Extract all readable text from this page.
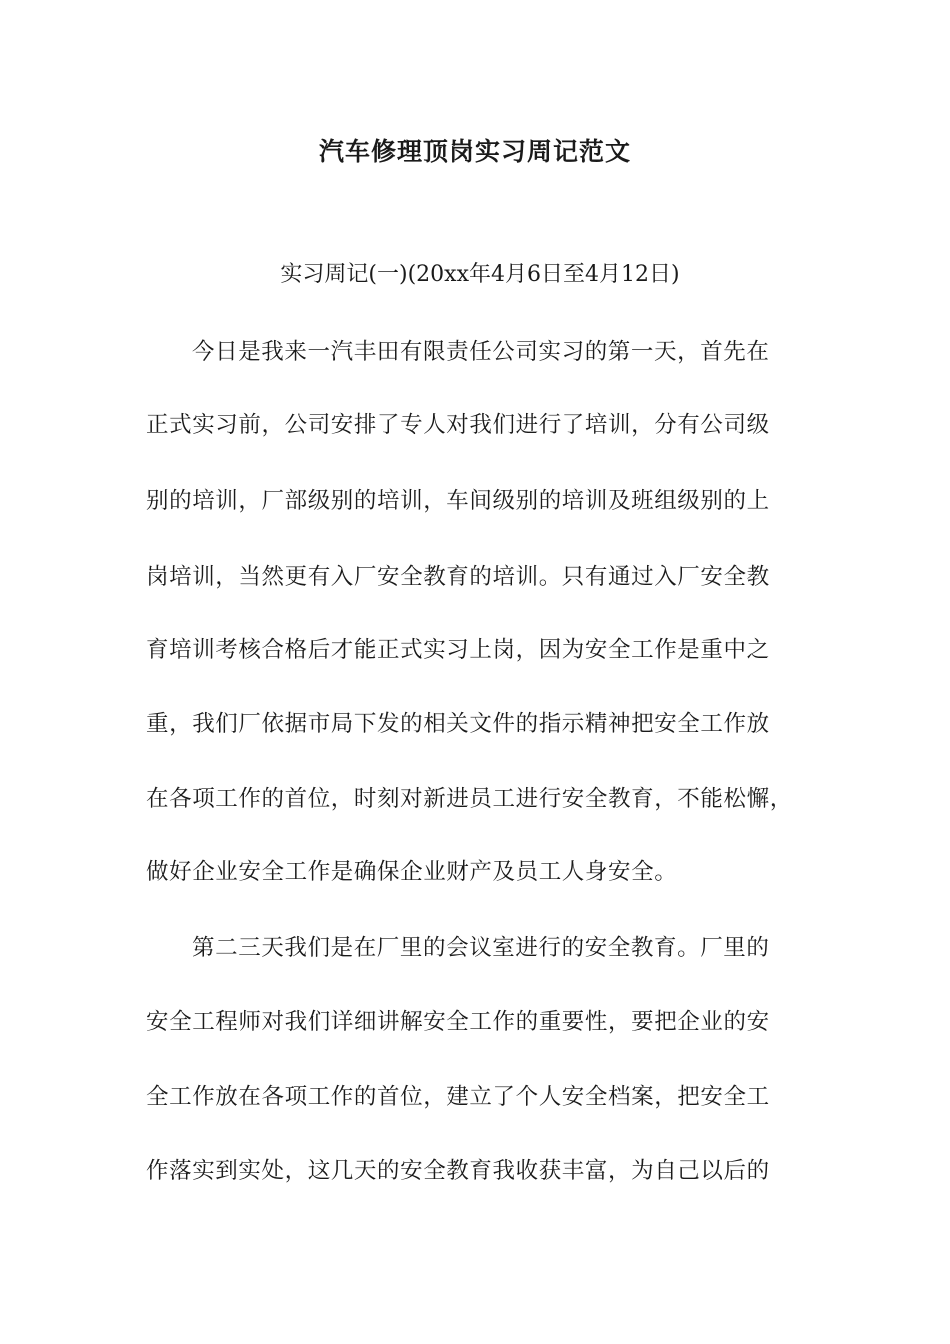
汽车修理顶岗实习周记范文
实习周记(一)(20xx年4月6日至4月12日)
今日是我来一汽丰田有限责任公司实习的第一天，首先在
正式实习前，公司安排了专人对我们进行了培训，分有公司级
别的培训，厂部级别的培训，车间级别的培训及班组级别的上
岗培训，当然更有入厂安全教育的培训。只有通过入厂安全教
育培训考核合格后才能正式实习上岗，因为安全工作是重中之
重，我们厂依据市局下发的相关文件的指示精神把安全工作放
在各项工作的首位，时刻对新进员工进行安全教育，不能松懈，
做好企业安全工作是确保企业财产及员工人身安全。
第二三天我们是在厂里的会议室进行的安全教育。厂里的
安全工程师对我们详细讲解安全工作的重要性，要把企业的安
全工作放在各项工作的首位，建立了个人安全档案，把安全工
作落实到实处，这几天的安全教育我收获丰富，为自己以后的
